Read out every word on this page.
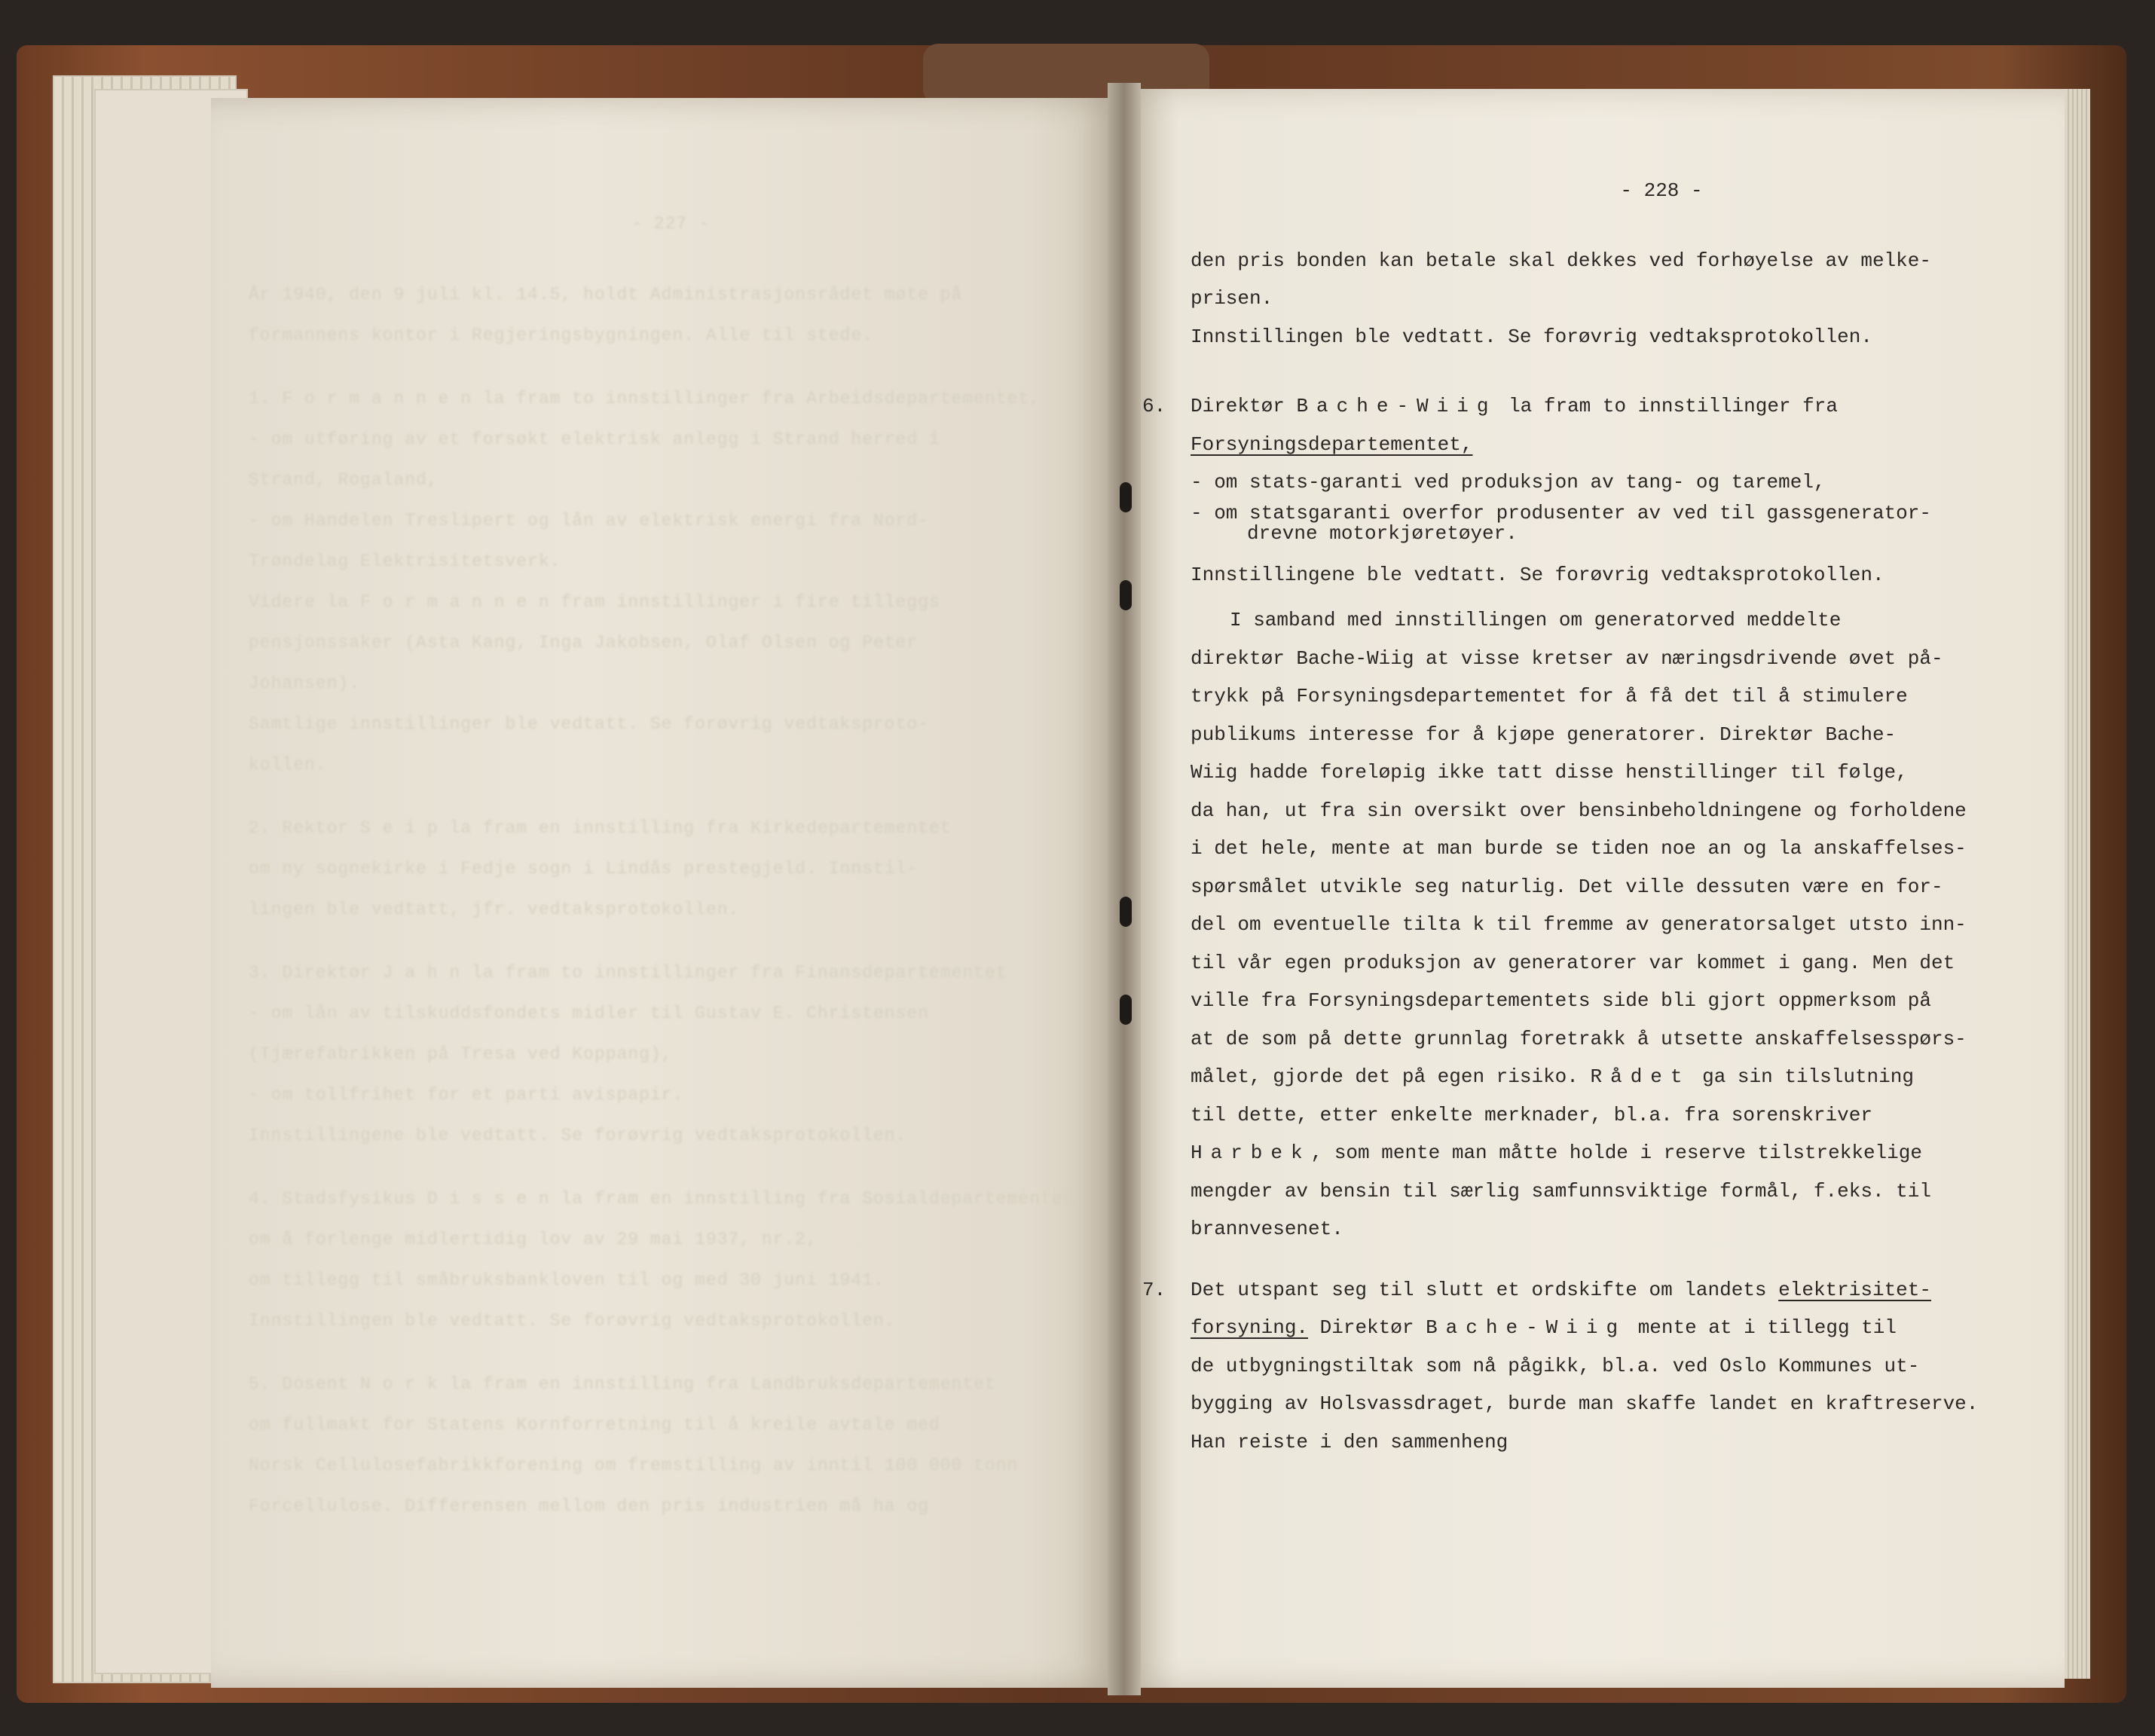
- 227 -
År 1940, den 9 juli kl. 14.5, holdt Administrasjonsrådet møte på
formannens kontor i Regjeringsbygningen. Alle til stede.
1. F o r m a n n e n la fram to innstillinger fra Arbeidsdepartementet,
- om utføring av et forsøkt elektrisk anlegg i Strand herred i
Strand, Rogaland,
- om Handelen Treslipert og lån av elektrisk energi fra Nord-
Trøndelag Elektrisitetsverk.
Videre la F o r m a n n e n fram innstillinger i fire tilleggs
pensjonssaker (Asta Kang, Inga Jakobsen, Olaf Olsen og Peter
Johansen).
Samtlige innstillinger ble vedtatt. Se forøvrig vedtaksproto-
kollen.
2. Rektor S e i p la fram en innstilling fra Kirkedepartementet
om ny sognekirke i Fedje sogn i Lindås prestegjeld. Innstil-
lingen ble vedtatt, jfr. vedtaksprotokollen.
3. Direktør J a h n la fram to innstillinger fra Finansdepartementet
- om lån av tilskuddsfondets midler til Gustav E. Christensen
(Tjærefabrikken på Tresa ved Koppang),
- om tollfrihet for et parti avispapir.
Innstillingene ble vedtatt. Se forøvrig vedtaksprotokollen.
4. Stadsfysikus D i s s e n la fram en innstilling fra Sosialdepartementet
om å forlenge midlertidig lov av 29 mai 1937, nr.2,
om tillegg til småbruksbankloven til og med 30 juni 1941.
Innstillingen ble vedtatt. Se forøvrig vedtaksprotokollen.
5. Dosent N o r k la fram en innstilling fra Landbruksdepartementet
om fullmakt for Statens Kornforretning til å kreile avtale med
Norsk Cellulosefabrikkforening om fremstilling av inntil 100 000 tonn
Forcellulose. Differensen mellom den pris industrien må ha og
- 228 -
den pris bonden kan betale skal dekkes ved forhøyelse av melke-
prisen.
Innstillingen ble vedtatt. Se forøvrig vedtaksprotokollen.
6. Direktør Bache-Wiig la fram to innstillinger fra
Forsyningsdepartementet,
- om stats-garanti ved produksjon av tang- og taremel,
- om statsgaranti overfor produsenter av ved til gassgenerator-
drevne motorkjøretøyer.
Innstillingene ble vedtatt. Se forøvrig vedtaksprotokollen.
I samband med innstillingen om generatorved meddelte
direktør Bache-Wiig at visse kretser av næringsdrivende øvet på-
trykk på Forsyningsdepartementet for å få det til å stimulere
publikums interesse for å kjøpe generatorer. Direktør Bache-
Wiig hadde foreløpig ikke tatt disse henstillinger til følge,
da han, ut fra sin oversikt over bensinbeholdningene og forholdene
i det hele, mente at man burde se tiden noe an og la anskaffelses-
spørsmålet utvikle seg naturlig. Det ville dessuten være en for-
del om eventuelle tilta k til fremme av generatorsalget utsto inn-
til vår egen produksjon av generatorer var kommet i gang. Men det
ville fra Forsyningsdepartementets side bli gjort oppmerksom på
at de som på dette grunnlag foretrakk å utsette anskaffelsesspørs-
målet, gjorde det på egen risiko. Rådet ga sin tilslutning
til dette, etter enkelte merknader, bl.a. fra sorenskriver
Harbek, som mente man måtte holde i reserve tilstrekkelige
mengder av bensin til særlig samfunnsviktige formål, f.eks. til
brannvesenet.
7. Det utspant seg til slutt et ordskifte om landets elektrisitet-
forsyning. Direktør Bache-Wiig mente at i tillegg til
de utbygningstiltak som nå pågikk, bl.a. ved Oslo Kommunes ut-
bygging av Holsvassdraget, burde man skaffe landet en kraftreserve.
Han reiste i den sammenheng
